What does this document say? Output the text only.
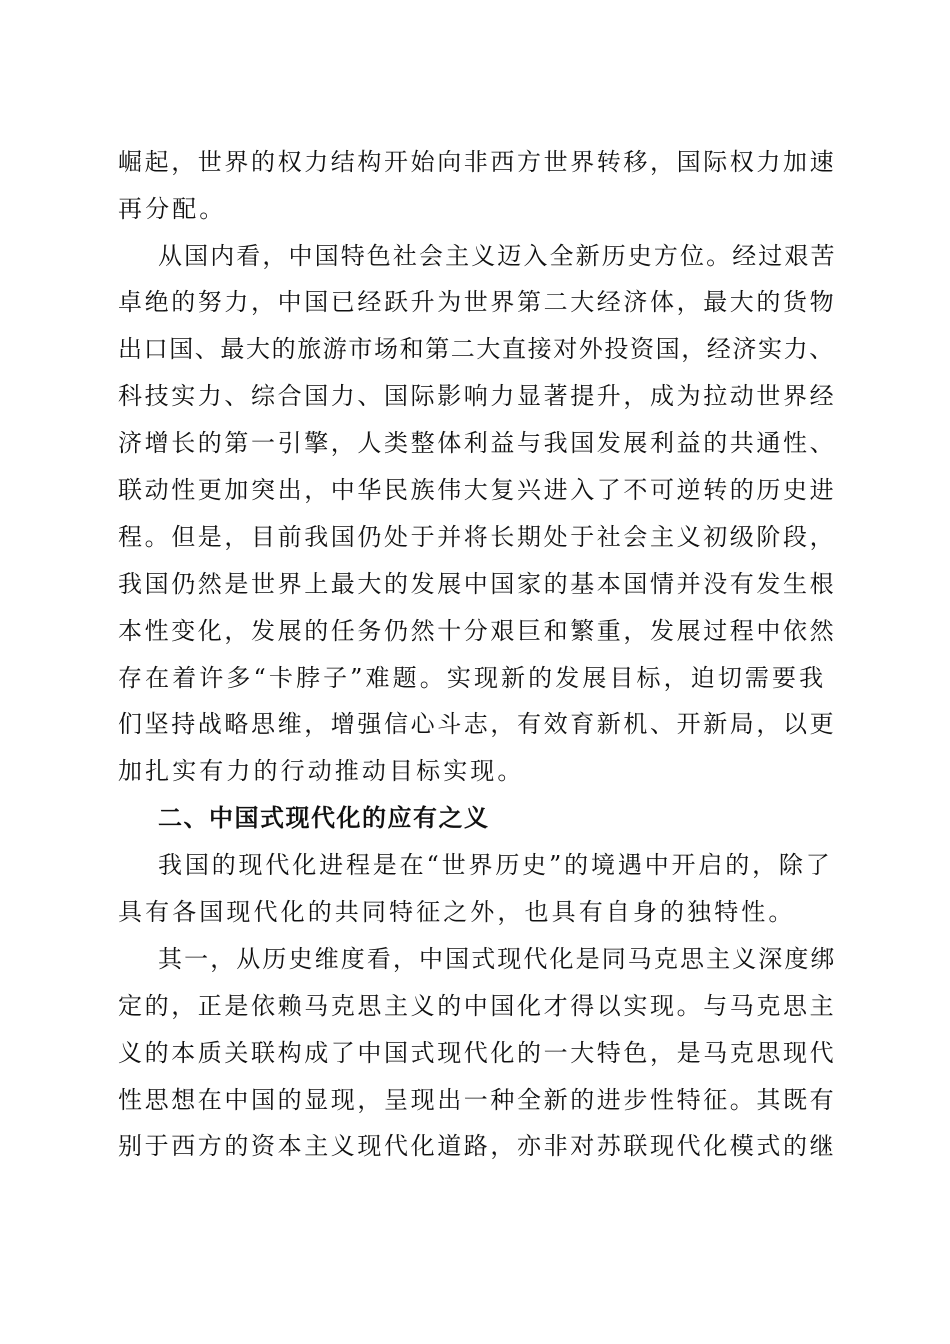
崛起，世界的权力结构开始向非西方世界转移，国际权力加速
再分配。
从国内看，中国特色社会主义迈入全新历史方位。经过艰苦
卓绝的努力，中国已经跃升为世界第二大经济体，最大的货物
出口国、最大的旅游市场和第二大直接对外投资国，经济实力、
科技实力、综合国力、国际影响力显著提升，成为拉动世界经
济增长的第一引擎，人类整体利益与我国发展利益的共通性、
联动性更加突出，中华民族伟大复兴进入了不可逆转的历史进
程。但是，目前我国仍处于并将长期处于社会主义初级阶段，
我国仍然是世界上最大的发展中国家的基本国情并没有发生根
本性变化，发展的任务仍然十分艰巨和繁重，发展过程中依然
存在着许多“卡脖子”难题。实现新的发展目标，迫切需要我
们坚持战略思维，增强信心斗志，有效育新机、开新局，以更
加扎实有力的行动推动目标实现。
二、中国式现代化的应有之义
我国的现代化进程是在“世界历史”的境遇中开启的，除了
具有各国现代化的共同特征之外，也具有自身的独特性。
其一，从历史维度看，中国式现代化是同马克思主义深度绑
定的，正是依赖马克思主义的中国化才得以实现。与马克思主
义的本质关联构成了中国式现代化的一大特色，是马克思现代
性思想在中国的显现，呈现出一种全新的进步性特征。其既有
别于西方的资本主义现代化道路，亦非对苏联现代化模式的继
